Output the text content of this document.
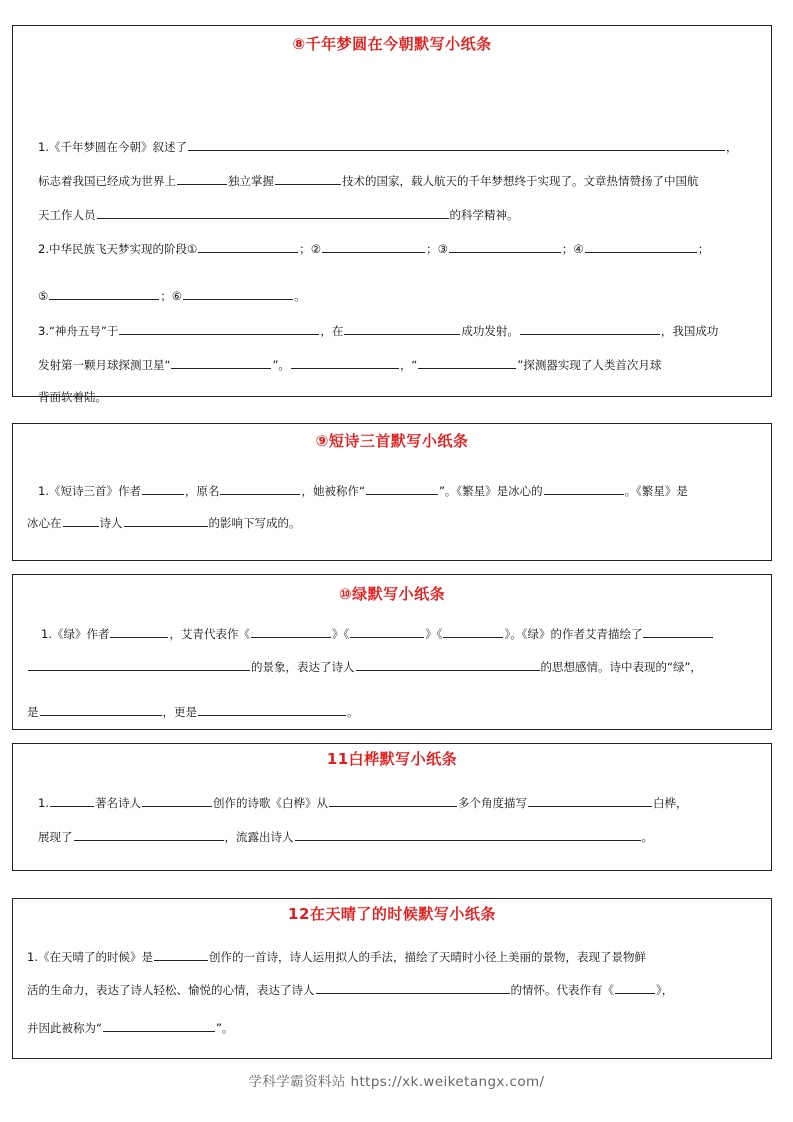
⑧千年梦圆在今朝默写小纸条
1.《千年梦圆在今朝》叙述了	，
标志着我国已经成为世界上	独立掌握	技术的国家，载人航天的千年梦想终于实现了。文章热情赞扬了中国航
天工作人员	的科学精神。
2.中华民族飞天梦实现的阶段①	；②	；③	；④	；
⑤	；⑥	。
3.“神舟五号”于	，在	成功发射。	，我国成功
发射第一颗月球探测卫星“	”。	，“	”探测器实现了人类首次月球
背面软着陆。
⑨短诗三首默写小纸条
1.《短诗三首》作者	，原名	，她被称作“	”。《繁星》是冰心的	。《繁星》是
冰心在	诗人	的影响下写成的。
⑩绿默写小纸条
1.《绿》作者	，艾青代表作《	》《	》《	》。《绿》的作者艾青描绘了
的景象，表达了诗人	的思想感情。诗中表现的“绿”，
是	，更是	。
11白桦默写小纸条
1.	著名诗人	创作的诗歌《白桦》从	多个角度描写	白桦，
展现了	，流露出诗人	。
12在天晴了的时候默写小纸条
1.《在天晴了的时候》是	创作的一首诗，诗人运用拟人的手法，描绘了天晴时小径上美丽的景物，表现了景物鲜
活的生命力，表达了诗人轻松、愉悦的心情，表达了诗人	的情怀。代表作有《	》，
并因此被称为“	”。
学科学霸资料站 https://xk.weiketangx.com/
